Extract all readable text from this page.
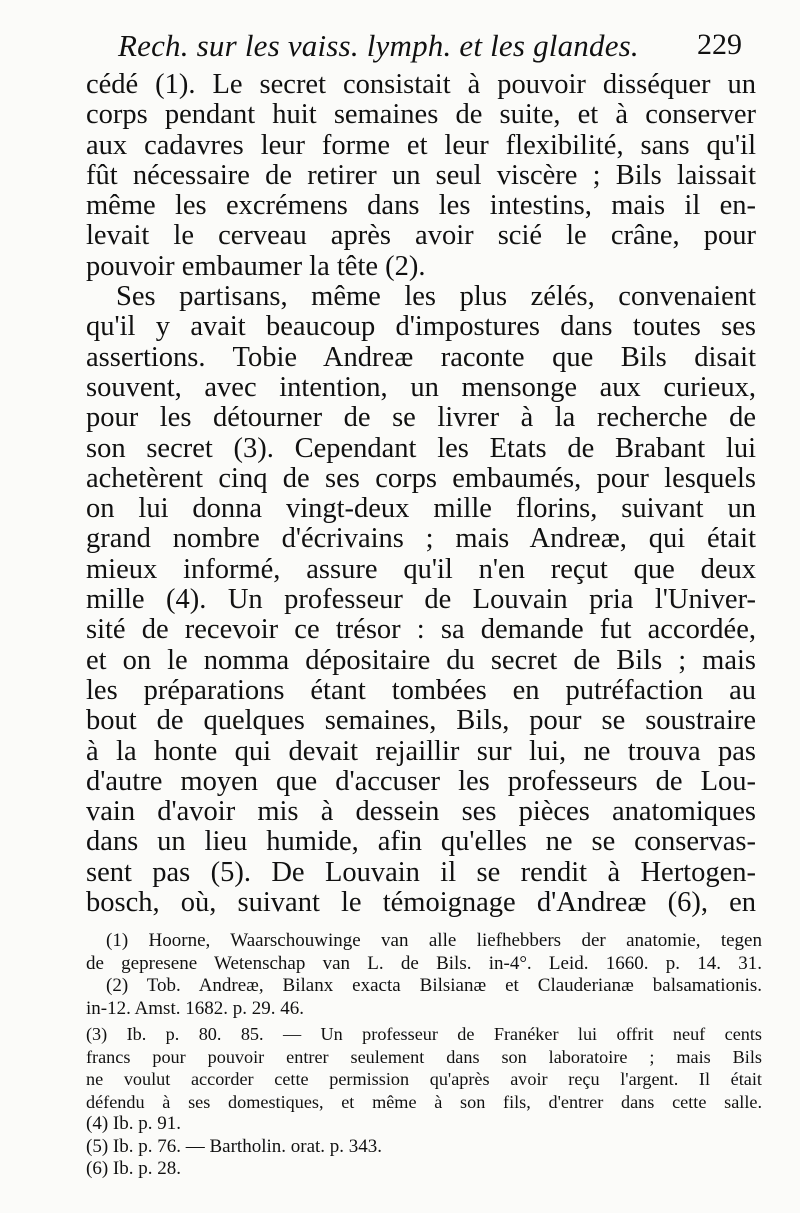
Rech. sur les vaiss. lymph. et les glandes. 229
cédé (1). Le secret consistait à pouvoir disséquer un
corps pendant huit semaines de suite, et à conserver
aux cadavres leur forme et leur flexibilité, sans qu'il
fût nécessaire de retirer un seul viscère ; Bils laissait
même les excrémens dans les intestins, mais il en-
levait le cerveau après avoir scié le crâne, pour
pouvoir embaumer la tête (2).
Ses partisans, même les plus zélés, convenaient
qu'il y avait beaucoup d'impostures dans toutes ses
assertions. Tobie Andreæ raconte que Bils disait
souvent, avec intention, un mensonge aux curieux,
pour les détourner de se livrer à la recherche de
son secret (3). Cependant les Etats de Brabant lui
achetèrent cinq de ses corps embaumés, pour lesquels
on lui donna vingt-deux mille florins, suivant un
grand nombre d'écrivains ; mais Andreæ, qui était
mieux informé, assure qu'il n'en reçut que deux
mille (4). Un professeur de Louvain pria l'Univer-
sité de recevoir ce trésor : sa demande fut accordée,
et on le nomma dépositaire du secret de Bils ; mais
les préparations étant tombées en putréfaction au
bout de quelques semaines, Bils, pour se soustraire
à la honte qui devait rejaillir sur lui, ne trouva pas
d'autre moyen que d'accuser les professeurs de Lou-
vain d'avoir mis à dessein ses pièces anatomiques
dans un lieu humide, afin qu'elles ne se conservas-
sent pas (5). De Louvain il se rendit à Hertogen-
bosch, où, suivant le témoignage d'Andreæ (6), en
(1) Hoorne, Waarschouwinge van alle liefhebbers der anatomie, tegen
de gepresene Wetenschap van L. de Bils. in-4°. Leid. 1660. p. 14. 31.
(2) Tob. Andreæ, Bilanx exacta Bilsianæ et Clauderianæ balsamationis.
in-12. Amst. 1682. p. 29. 46.
(3) Ib. p. 80. 85. — Un professeur de Franéker lui offrit neuf cents
francs pour pouvoir entrer seulement dans son laboratoire ; mais Bils
ne voulut accorder cette permission qu'après avoir reçu l'argent. Il était
défendu à ses domestiques, et même à son fils, d'entrer dans cette salle.
(4) Ib. p. 91.
(5) Ib. p. 76. — Bartholin. orat. p. 343.
(6) Ib. p. 28.
